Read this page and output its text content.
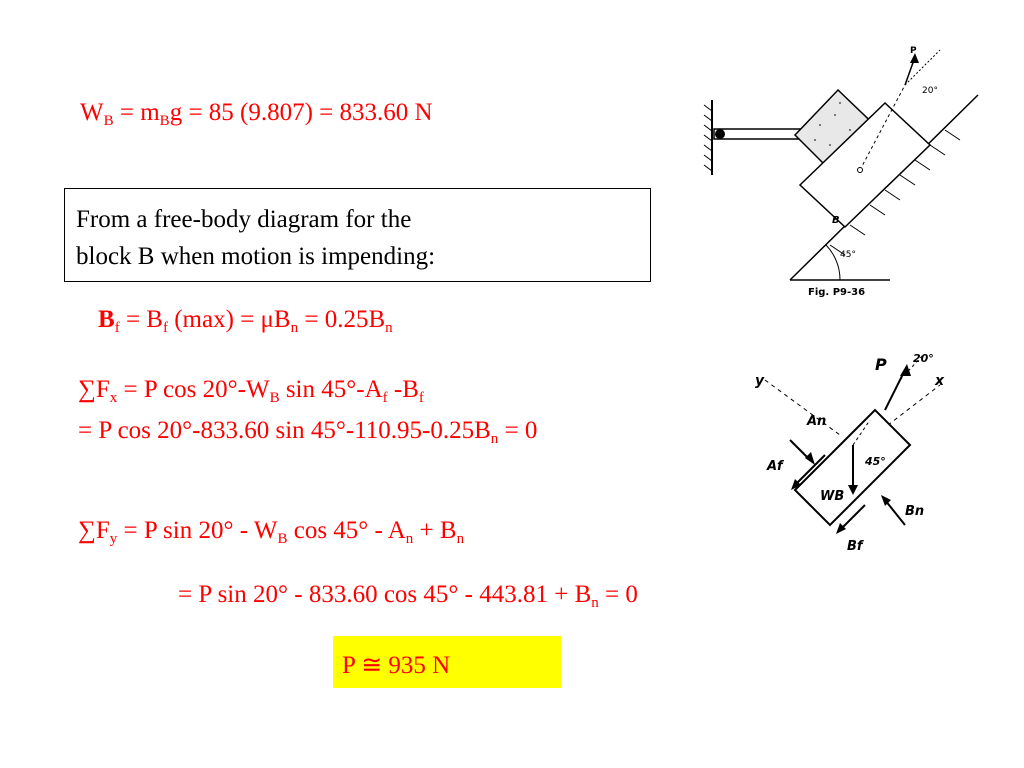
$W_B = m_Bg = 85$ (9.807) = 833.60 N
From a free-body diagram for the
block B when motion is impending:
$B_f = B_f$ $(\max) = \mu B_n = 0.25B_n$
$\sum F_x = P$ $\cos 20^\circ-W_B$ $\sin 45^\circ-A_f$ $-B_f$
= P cos 20°-833.60 $\sin 45^\circ-110.95-0.25B_n = 0$
$\sum F_y = P$ $\sin 20^\circ - W_B$ $\cos 45^\circ - A_n + B_n$
= P sin 20° - 833.60 $\cos 45^\circ - 443.81 + B_n = 0$
P ≅ 935 N
45°
B
P
20°
Fig. P9-36
y	x
P 20°
An
Af	45°
WB
Bf
Bn
